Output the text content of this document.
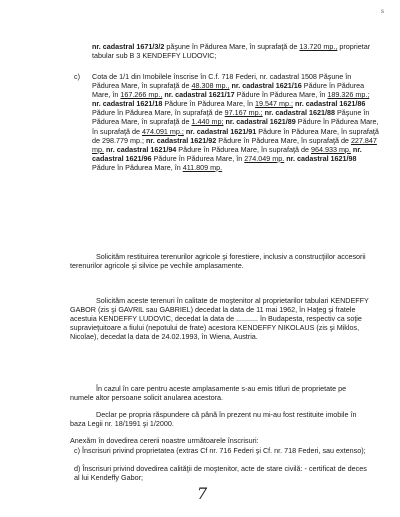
s
nr. cadastral 1671/3/2 păşune în Pădurea Mare, în suprafaţă de 13.720 mp., proprietar tabular sub B 3 KENDEFFY LUDOVIC;
c) Cota de 1/1 din Imobilele înscrise în C.f. 718 Federi, nr. cadastral 1508 Păşune în Pădurea Mare, în suprafaţă de 48.308 mp., nr. cadastral 1621/16 Pădure în Pădurea Mare, în 167.266 mp., nr. cadastral 1621/17 Pădure în Pădurea Mare, în 189.326 mp.; nr. cadastral 1621/18 Pădure în Pădurea Mare, în 19.547 mp.; nr. cadastral 1621/86 Pădure în Pădurea Mare, în suprafaţă de 97.167 mp.; nr. cadastral 1621/88 Păşune în Pădurea Mare, în suprafaţă de 1.440 mp; nr. cadastral 1621/89 Pădure în Pădurea Mare, în suprafaţă de 474.091 mp.; nr. cadastral 1621/91 Pădure în Pădurea Mare, în suprafaţă de 298.779 mp.; nr. cadastral 1621/92 Pădure în Pădurea Mare, în suprafaţă de 227.847 mp. nr. cadastral 1621/94 Pădure în Pădurea Mare, în suprafaţă de 964.933 mp. nr. cadastral 1621/96 Pădure în Pădurea Mare, în 274.049 mp. nr. cadastral 1621/98 Pădure în Pădurea Mare, în 411.809 mp.
Solicităm restituirea terenurilor agricole şi forestiere, inclusiv a construcţiilor accesorii terenurilor agricole şi silvice pe vechile amplasamente.
Solicităm aceste terenuri în calitate de moştenitor al proprietarilor tabulari KENDEFFY GABOR (zis şi GAVRIL sau GABRIEL) decedat la data de 11 mai 1962, în Haţeg şi fratele acestuia KENDEFFY LUDOVIC, decedat la data de ........... în Budapesta, respectiv ca soţie supravieţuitoare a fiului (nepotului de frate) acestora KENDEFFY NIKOLAUS (zis şi Miklos, Nicolae), decedat la data de 24.02.1993, în Wiena, Austria.
În cazul în care pentru aceste amplasamente s-au emis titluri de proprietate pe numele altor persoane solicit anularea acestora.
Declar pe propria răspundere că până în prezent nu mi-au fost restituite imobile în baza Legii nr. 18/1991 şi 1/2000.
Anexăm în dovedirea cererii noastre următoarele înscrisuri:
c) Înscrisuri privind proprietatea (extras Cf nr. 716 Federi şi Cf. nr. 718 Federi, sau extenso);
d) Înscrisuri privind dovedirea calităţii de moştenitor, acte de stare civilă: - certificat de deces al lui Kendeffy Gabor;
7
